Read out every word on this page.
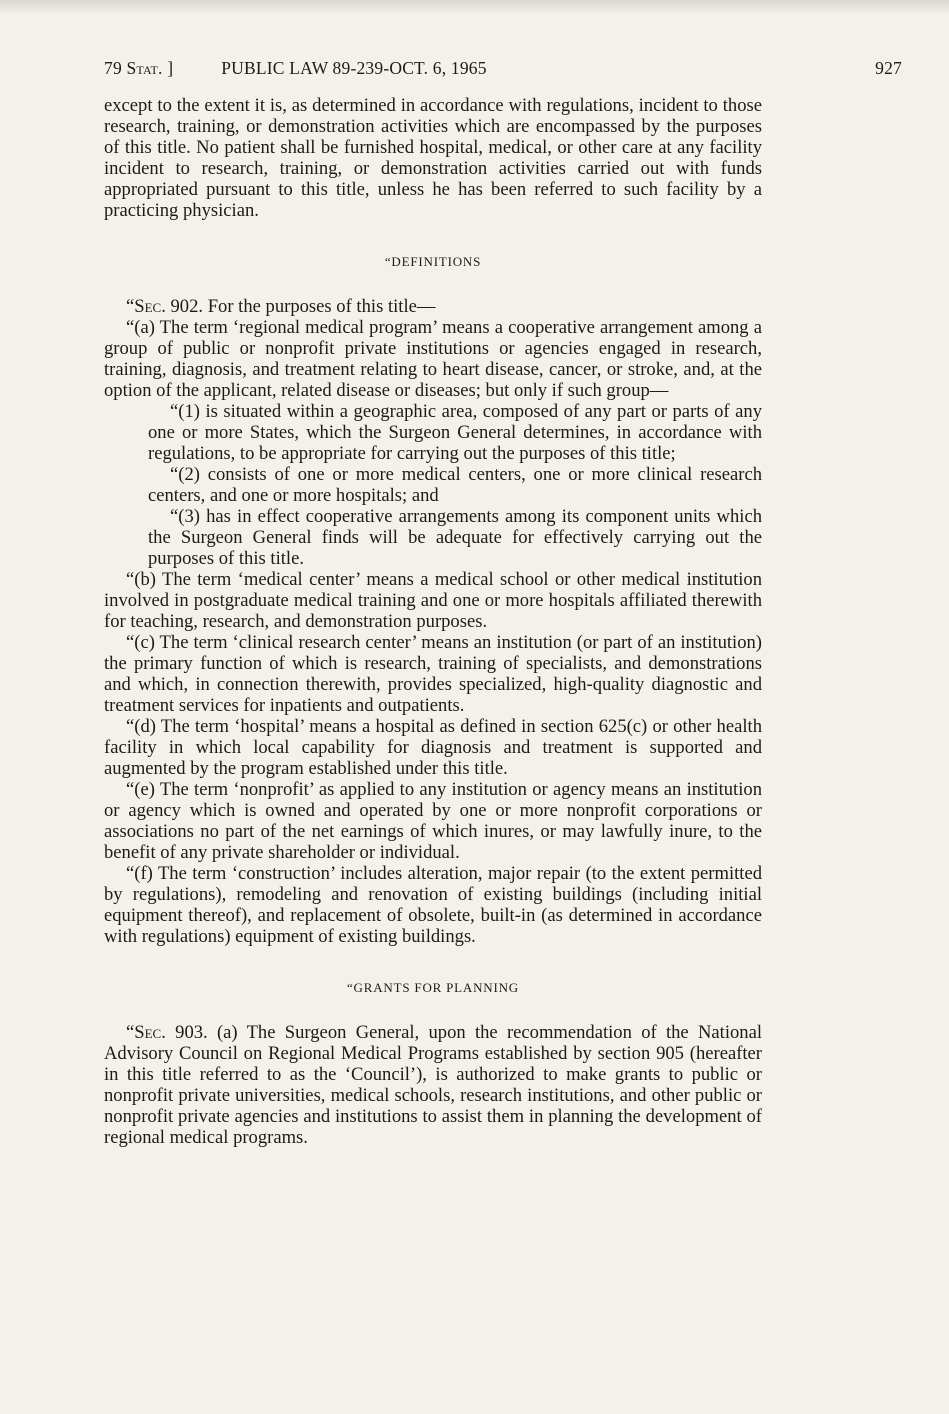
79 Stat. ]	PUBLIC LAW 89-239-OCT. 6, 1965	927

except to the extent it is, as determined in accordance with regulations, incident to those research, training, or demonstration activities which are encompassed by the purposes of this title. No patient shall be furnished hospital, medical, or other care at any facility incident to research, training, or demonstration activities carried out with funds appropriated pursuant to this title, unless he has been referred to such facility by a practicing physician.

“DEFINITIONS

“Sec. 902. For the purposes of this title—

“(a) The term ‘regional medical program’ means a cooperative arrangement among a group of public or nonprofit private institutions or agencies engaged in research, training, diagnosis, and treatment relating to heart disease, cancer, or stroke, and, at the option of the applicant, related disease or diseases; but only if such group—

“(1) is situated within a geographic area, composed of any part or parts of any one or more States, which the Surgeon General determines, in accordance with regulations, to be appropriate for carrying out the purposes of this title;

“(2) consists of one or more medical centers, one or more clinical research centers, and one or more hospitals; and

“(3) has in effect cooperative arrangements among its component units which the Surgeon General finds will be adequate for effectively carrying out the purposes of this title.

“(b) The term ‘medical center’ means a medical school or other medical institution involved in postgraduate medical training and one or more hospitals affiliated therewith for teaching, research, and demonstration purposes.

“(c) The term ‘clinical research center’ means an institution (or part of an institution) the primary function of which is research, training of specialists, and demonstrations and which, in connection therewith, provides specialized, high-quality diagnostic and treatment services for inpatients and outpatients.

“(d) The term ‘hospital’ means a hospital as defined in section 625(c) or other health facility in which local capability for diagnosis and treatment is supported and augmented by the program established under this title.

“(e) The term ‘nonprofit’ as applied to any institution or agency means an institution or agency which is owned and operated by one or more nonprofit corporations or associations no part of the net earnings of which inures, or may lawfully inure, to the benefit of any private shareholder or individual.

“(f) The term ‘construction’ includes alteration, major repair (to the extent permitted by regulations), remodeling and renovation of existing buildings (including initial equipment thereof), and replacement of obsolete, built-in (as determined in accordance with regulations) equipment of existing buildings.

“GRANTS FOR PLANNING

“Sec. 903. (a) The Surgeon General, upon the recommendation of the National Advisory Council on Regional Medical Programs established by section 905 (hereafter in this title referred to as the ‘Council’), is authorized to make grants to public or nonprofit private universities, medical schools, research institutions, and other public or nonprofit private agencies and institutions to assist them in planning the development of regional medical programs.
